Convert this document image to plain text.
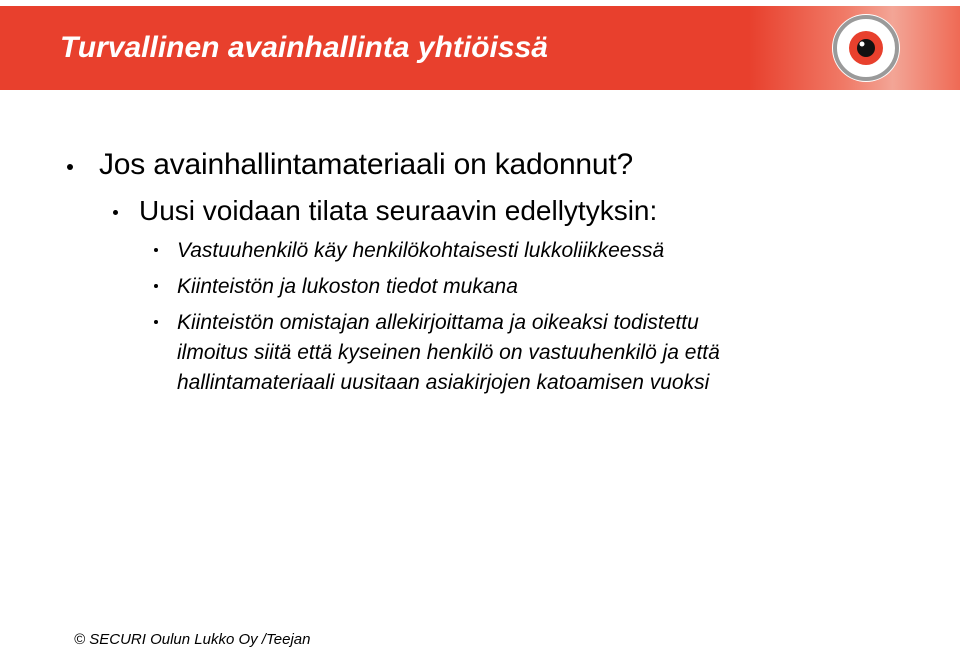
Turvallinen avainhallinta yhtiöissä
Jos avainhallintamateriaali on kadonnut?
Uusi voidaan tilata seuraavin edellytyksin:
Vastuuhenkilö käy henkilökohtaisesti lukkoliikkeessä
Kiinteistön ja lukoston tiedot mukana
Kiinteistön omistajan allekirjoittama ja oikeaksi todistettu
ilmoitus siitä että kyseinen henkilö on vastuuhenkilö ja että
hallintamateriaali uusitaan asiakirjojen katoamisen vuoksi
© SECURI Oulun Lukko Oy /Teejan
